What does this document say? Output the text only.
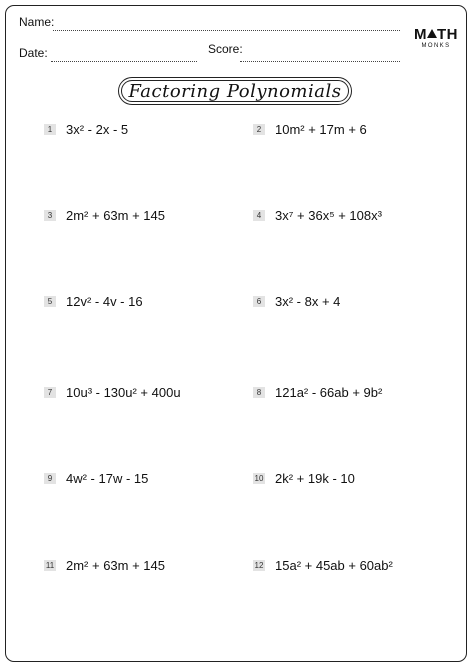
Name:
Date:	Score:
M TH
MONKS
Factoring Polynomials
1 3x² - 2x - 5	2 10m² + 17m + 6
3 2m² + 63m + 145	4 3x⁷ + 36x⁵ + 108x³
5 12v² - 4v - 16	6 3x² - 8x + 4
7 10u³ - 130u² + 400u	8 121a² - 66ab + 9b²
9 4w² - 17w - 15	10 2k² + 19k - 10
11 2m² + 63m + 145	12 15a² + 45ab + 60ab²
